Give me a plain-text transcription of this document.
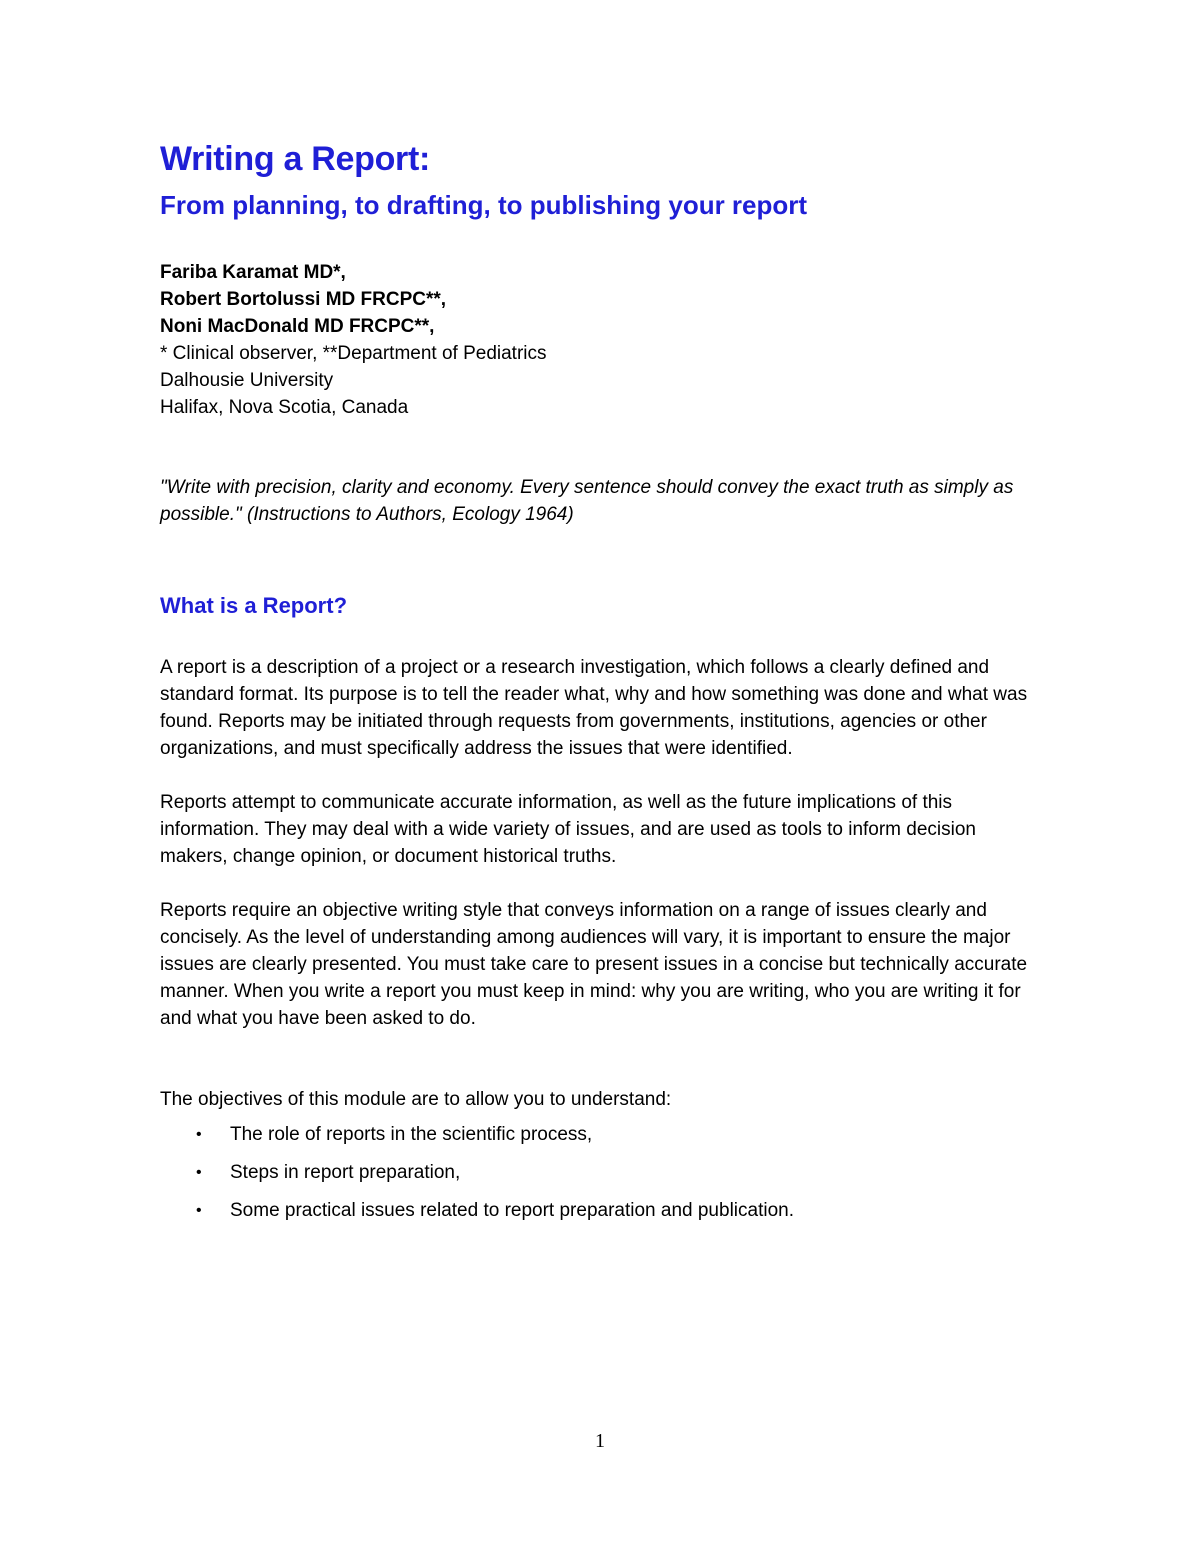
Writing a Report:
From planning, to drafting, to publishing your report
Fariba Karamat MD*,
Robert Bortolussi MD FRCPC**,
Noni MacDonald MD FRCPC**,
* Clinical observer, **Department of Pediatrics
Dalhousie University
Halifax, Nova Scotia, Canada

"Write with precision, clarity and economy. Every sentence should convey the exact truth as simply as possible." (Instructions to Authors, Ecology 1964)

What is a Report?

A report is a description of a project or a research investigation, which follows a clearly defined and standard format. Its purpose is to tell the reader what, why and how something was done and what was found. Reports may be initiated through requests from governments, institutions, agencies or other organizations, and must specifically address the issues that were identified.

Reports attempt to communicate accurate information, as well as the future implications of this information. They may deal with a wide variety of issues, and are used as tools to inform decision makers, change opinion, or document historical truths.

Reports require an objective writing style that conveys information on a range of issues clearly and concisely. As the level of understanding among audiences will vary, it is important to ensure the major issues are clearly presented. You must take care to present issues in a concise but technically accurate manner. When you write a report you must keep in mind: why you are writing, who you are writing it for and what you have been asked to do.

The objectives of this module are to allow you to understand:

•	The role of reports in the scientific process,
•	Steps in report preparation,
•	Some practical issues related to report preparation and publication.

1
